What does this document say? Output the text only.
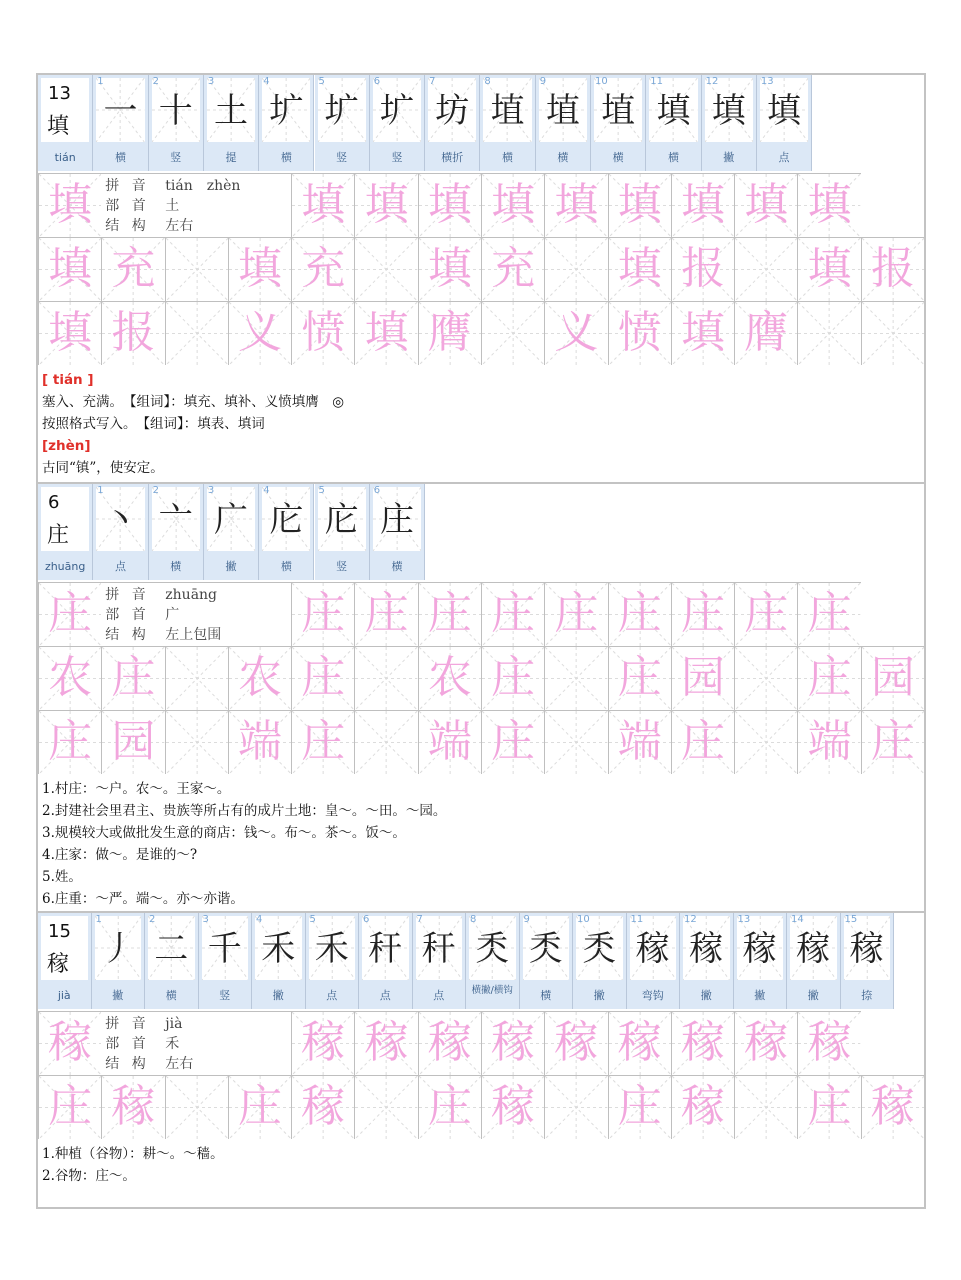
13
填
tián
1
一
横
2
十
竖
3
土
提
4
圹
横
5
圹
竖
6
圹
竖
7
坊
横折
8
埴
横
9
埴
横
10
埴
横
11
填
横
12
填
撇
13
填
点
填 拼 音 tián　zhèn
部 首 土
结 构 左右 填 填 填 填 填 填 填 填 填
填 充 填 充 填 充 填 报 填 报
填 报 义 愤 填 膺 义 愤 填 膺
[ tián ]
塞入、充满。　【组词】：填充、填补、义愤填膺　◎
按照格式写入。　【组词】：填表、填词
[zhèn]
古同“镇”，使安定。
6
庄
zhuāng
1
丶
点
2
亠
横
3
广
撇
4
庀
横
5
庀
竖
6
庄
横
庄 拼 音 zhuāng
部 首 广
结 构 左上包围 庄 庄 庄 庄 庄 庄 庄 庄 庄
农 庄 农 庄 农 庄 庄 园 庄 园
庄 园 端 庄 端 庄 端 庄 端 庄
1.村庄：～户。农～。王家～。
2.封建社会里君主、贵族等所占有的成片土地：皇～。～田。～园。
3.规模较大或做批发生意的商店：钱～。布～。茶～。饭～。
4.庄家：做～。是谁的～?
5.姓。
6.庄重：～严。端～。亦～亦谐。
15
稼
jià
1
丿
撇
2
二
横
3
千
竖
4
禾
撇
5
禾
点
6
秆
点
7
秆
点
8
秂
横撇/横钩
9
秂
横
10
秂
撇
11
稼
弯钩
12
稼
撇
13
稼
撇
14
稼
撇
15
稼
捺
稼 拼 音 jià
部 首 禾
结 构 左右 稼 稼 稼 稼 稼 稼 稼 稼 稼
庄 稼 庄 稼 庄 稼 庄 稼 庄 稼
1.种植（谷物）：耕～。～穑。
2.谷物：庄～。
